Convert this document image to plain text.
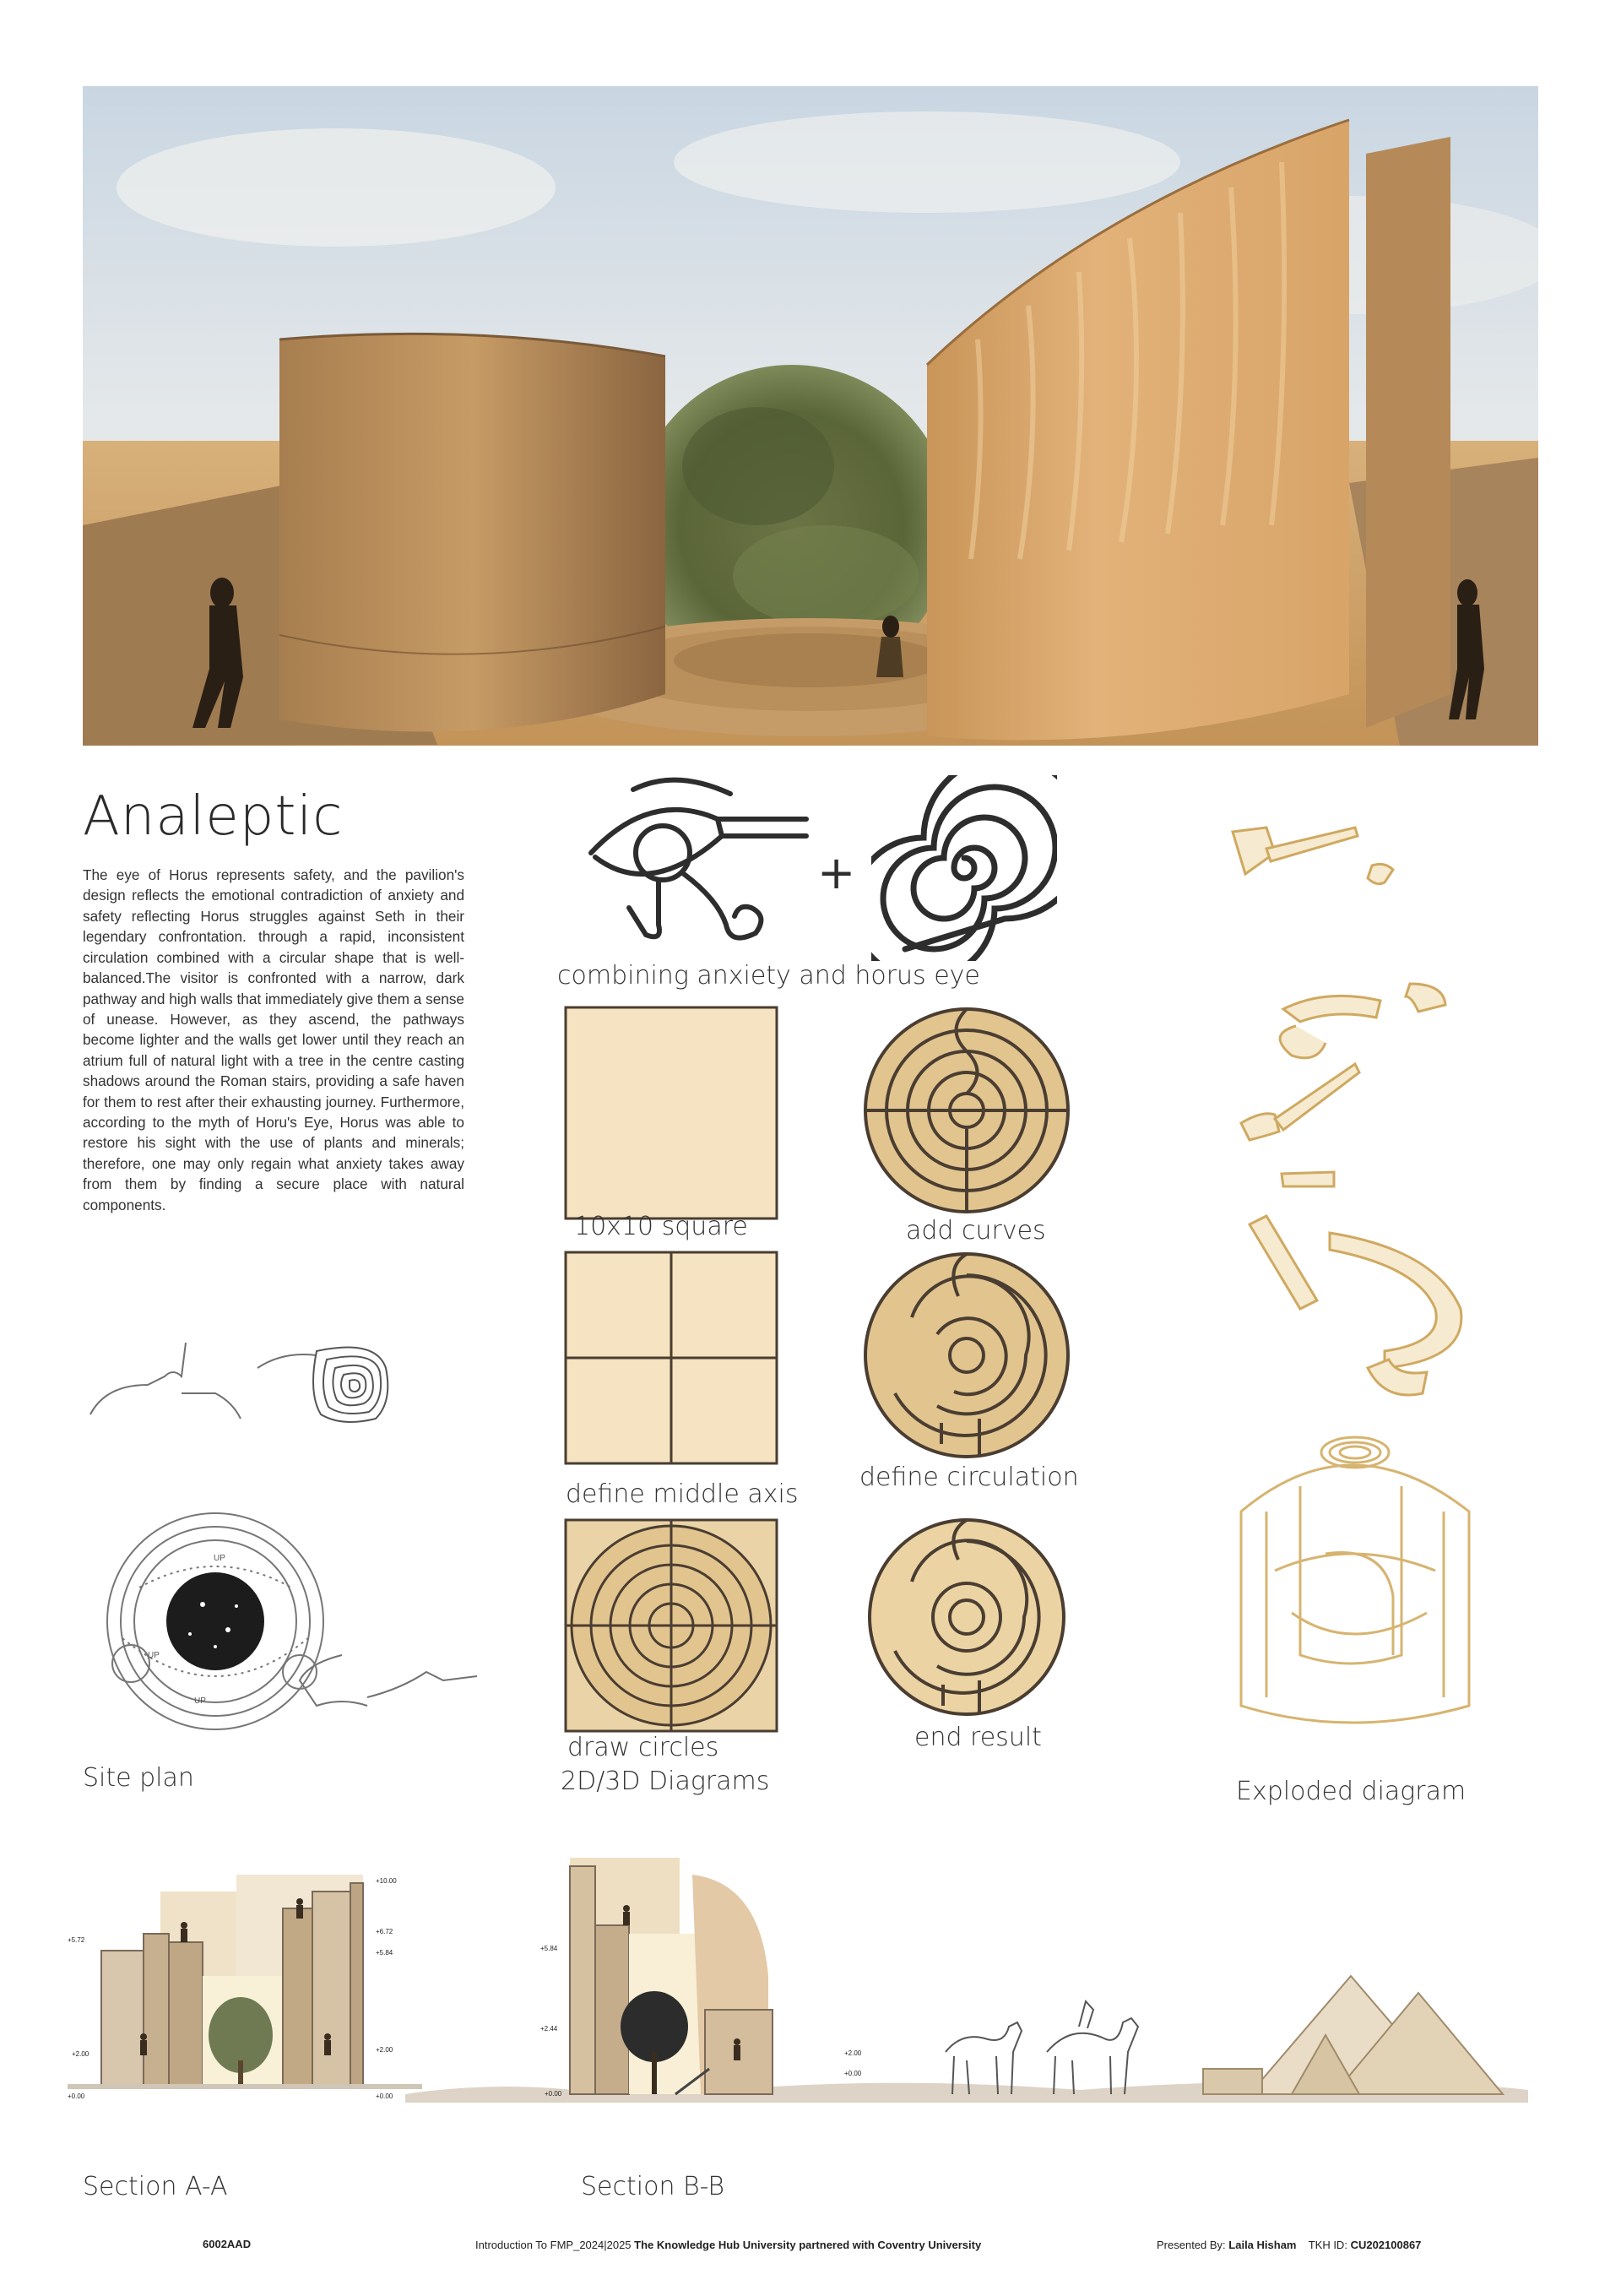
Analeptic
The eye of Horus represents safety, and the pavilion's design reflects the emotional contradiction of anxiety and safety reflecting Horus struggles against Seth in their legendary confrontation. through a rapid, inconsistent circulation combined with a circular shape that is well-balanced.The visitor is confronted with a narrow, dark pathway and high walls that immediately give them a sense of unease. However, as they ascend, the pathways become lighter and the walls get lower until they reach an atrium full of natural light with a tree in the centre casting shadows around the Roman stairs, providing a safe haven for them to rest after their exhausting journey. Furthermore, according to the myth of Horu's Eye, Horus was able to restore his sight with the use of plants and minerals; therefore, one may only regain what anxiety takes away from them by finding a secure place with natural components.
+
combining anxiety and horus eye
10x10 square
define middle axis
draw circles
2D/3D Diagrams
add curves
define circulation
end result
Exploded diagram
UP
UP
UP
Site plan
+5.72
+2.00
+0.00
+10.00
+6.72
+5.84
+2.00
+0.00
Section A-A
+5.84
+2.44
+0.00
+2.00
+0.00
Section B-B
6002AAD	Introduction To FMP_2024|2025 The Knowledge Hub University partnered with Coventry University	Presented By: Laila Hisham TKH ID: CU202100867
